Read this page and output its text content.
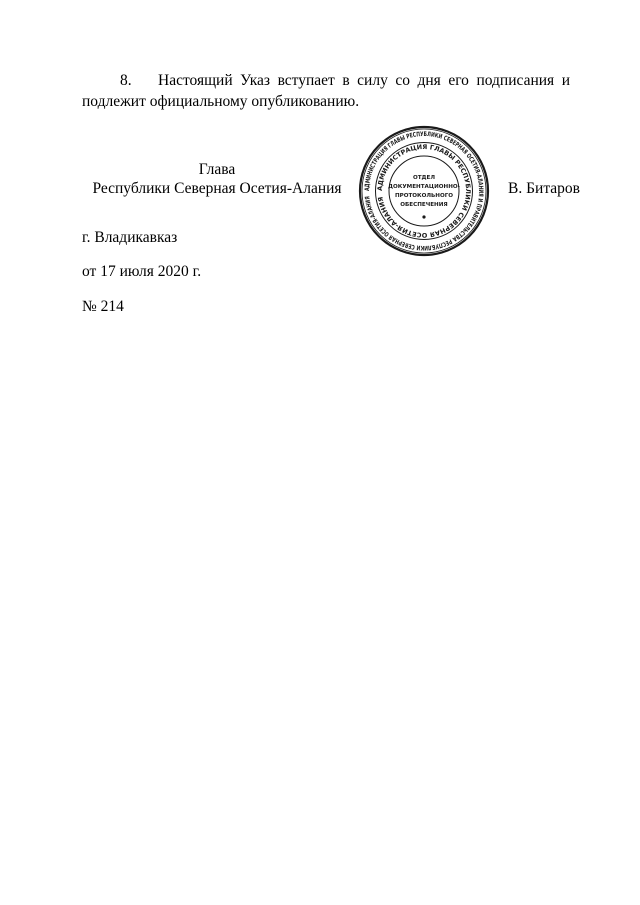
8. Настоящий Указ вступает в силу со дня его подписания и подлежит официальному опубликованию.
Глава
Республики Северная Осетия-Алания	АДМИНИСТРАЦИЯ ГЛАВЫ РЕСПУБЛИКИ СЕВЕРНАЯ ОСЕТИЯ-АЛАНИЯ И ПРАВИТЕЛЬСТВА РЕСПУБЛИКИ СЕВЕРНАЯ ОСЕТИЯ-АЛАНИЯ
АДМИНИСТРАЦИЯ ГЛАВЫ РЕСПУБЛИКИ СЕВЕРНАЯ ОСЕТИЯ-АЛАНИЯ
ОТДЕЛ
ДОКУМЕНТАЦИОННО-
ПРОТОКОЛЬНОГО
ОБЕСПЕЧЕНИЯ
В. Битаров
г. Владикавказ
от 17 июля 2020 г.
№ 214
